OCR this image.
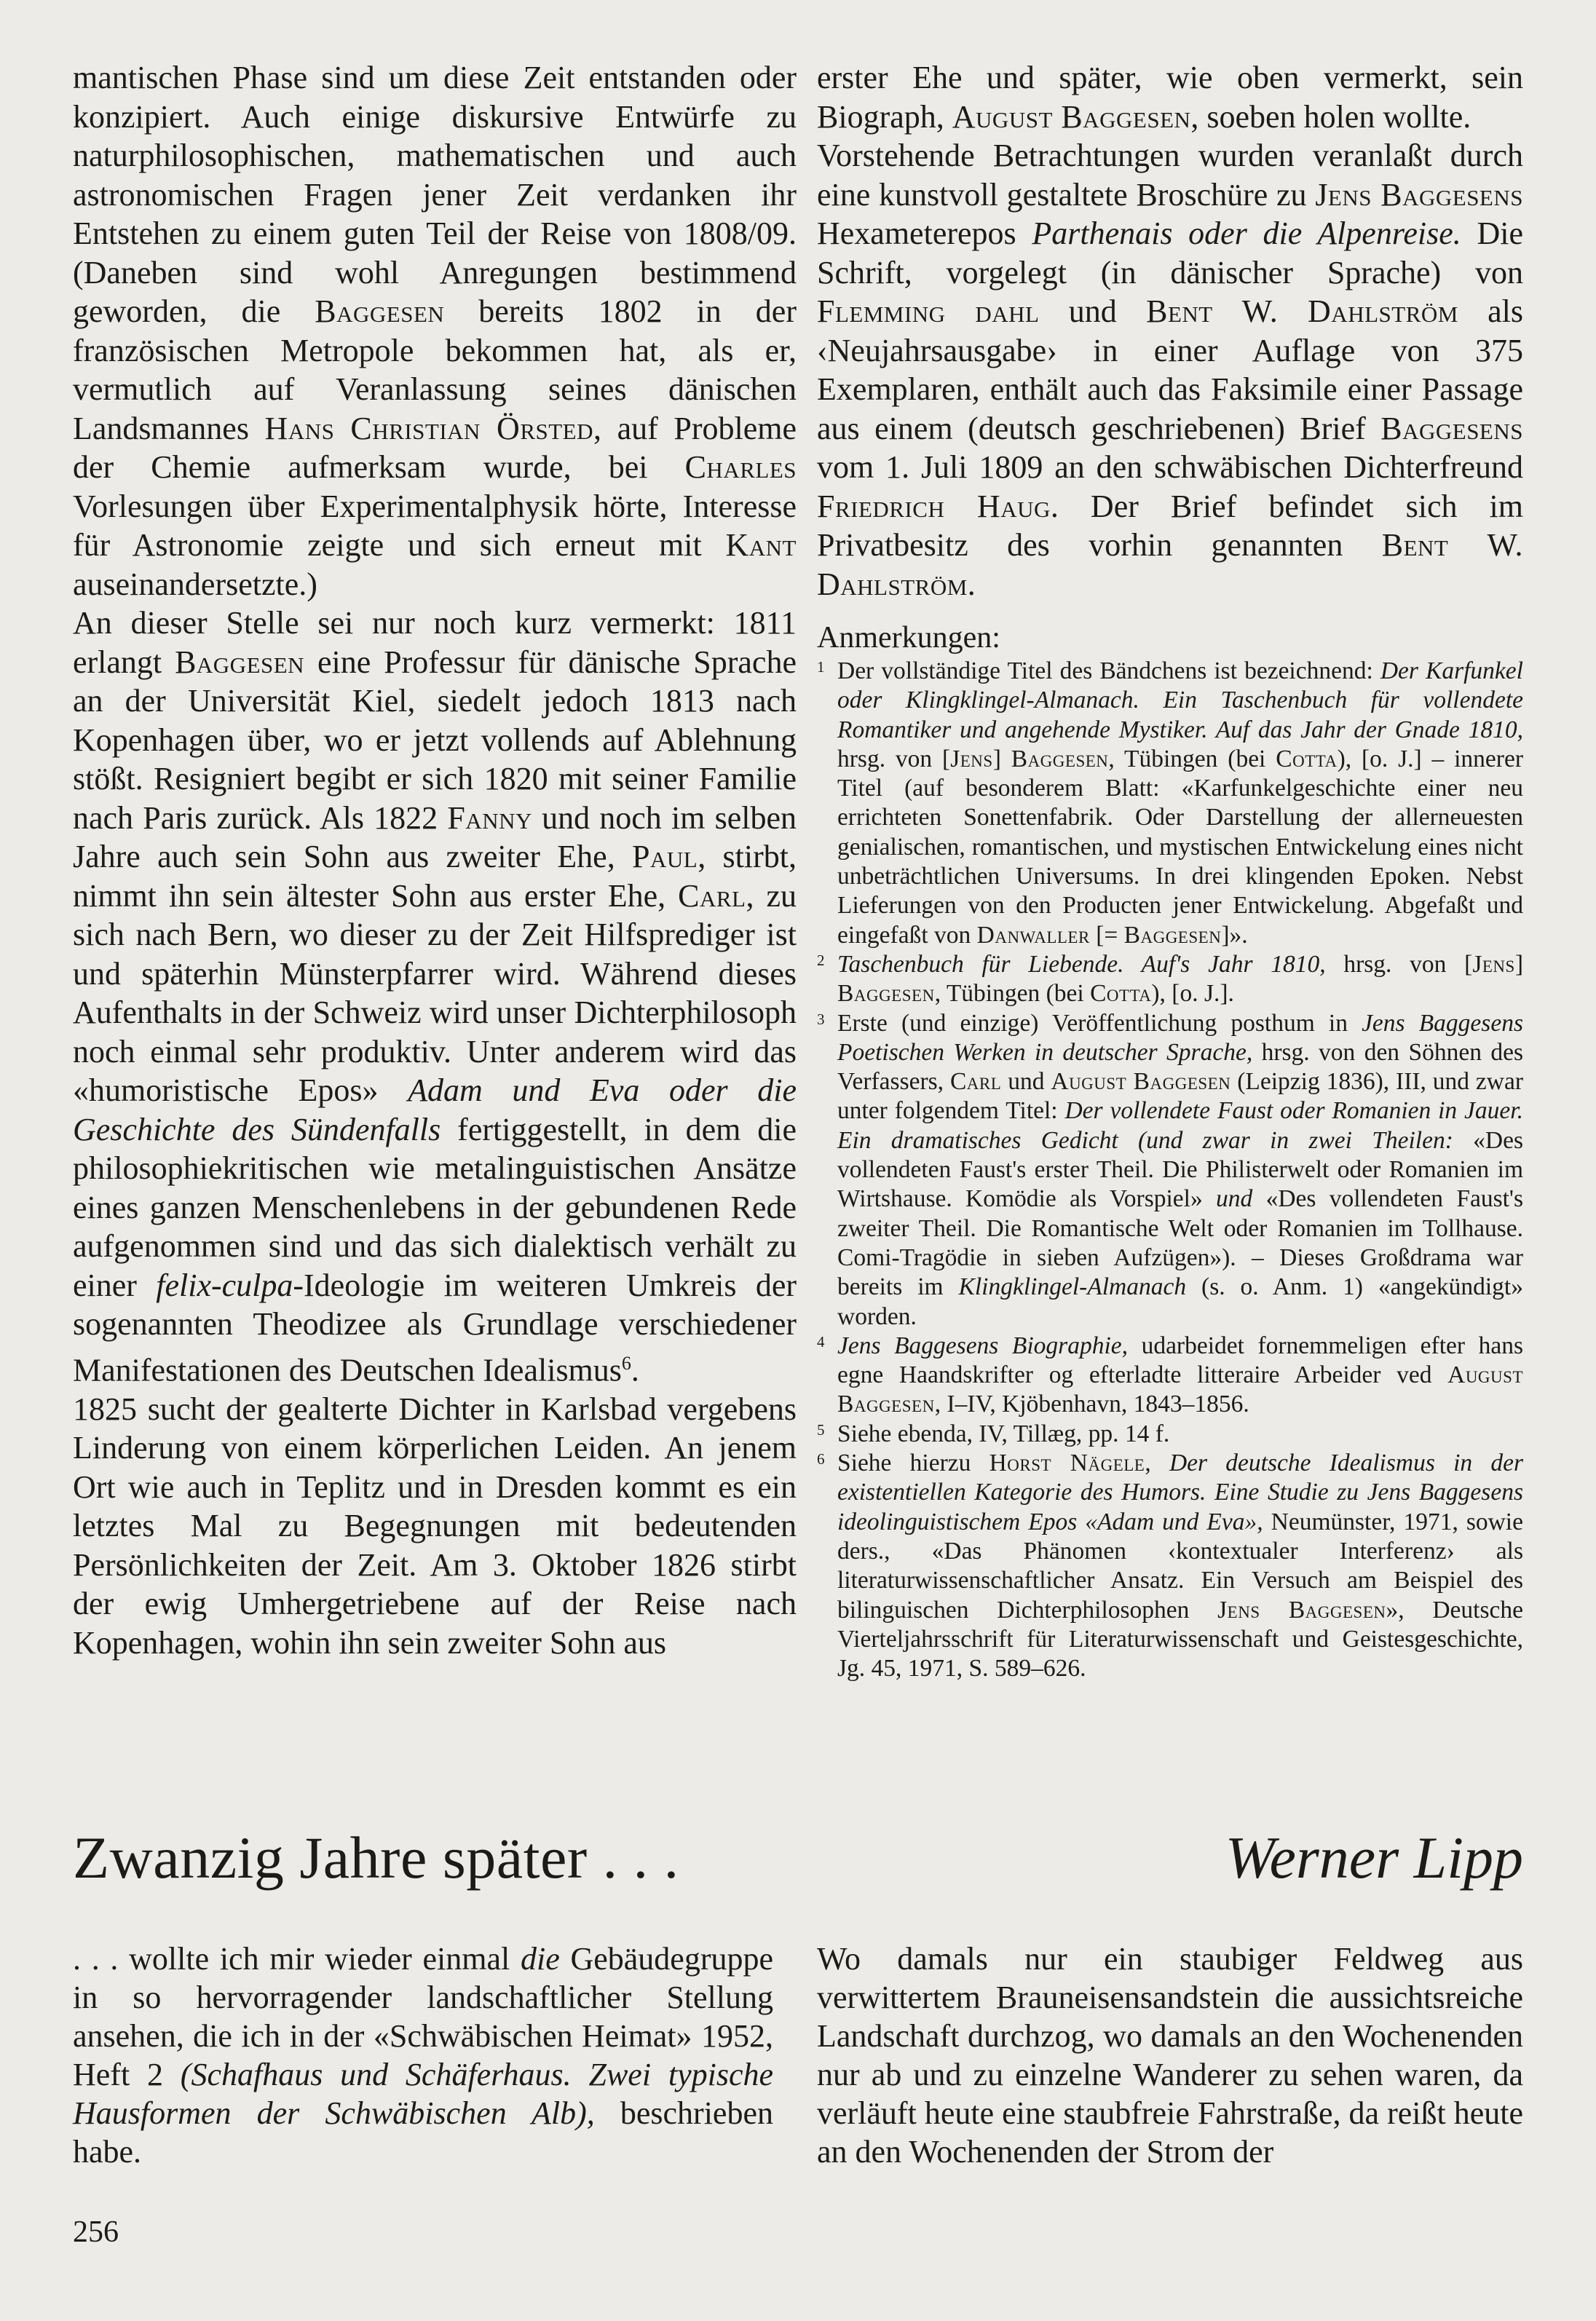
mantischen Phase sind um diese Zeit entstanden oder konzipiert. Auch einige diskursive Entwürfe zu naturphilosophischen, mathematischen und auch astronomischen Fragen jener Zeit verdanken ihr Entstehen zu einem guten Teil der Reise von 1808/09. (Daneben sind wohl Anregungen bestimmend geworden, die Baggesen bereits 1802 in der französischen Metropole bekommen hat, als er, vermutlich auf Veranlassung seines dänischen Landsmannes Hans Christian Örsted, auf Probleme der Chemie aufmerksam wurde, bei Charles Vorlesungen über Experimentalphysik hörte, Interesse für Astronomie zeigte und sich erneut mit Kant auseinandersetzte.)

An dieser Stelle sei nur noch kurz vermerkt: 1811 erlangt Baggesen eine Professur für dänische Sprache an der Universität Kiel, siedelt jedoch 1813 nach Kopenhagen über, wo er jetzt vollends auf Ablehnung stößt. Resigniert begibt er sich 1820 mit seiner Familie nach Paris zurück. Als 1822 Fanny und noch im selben Jahre auch sein Sohn aus zweiter Ehe, Paul, stirbt, nimmt ihn sein ältester Sohn aus erster Ehe, Carl, zu sich nach Bern, wo dieser zu der Zeit Hilfsprediger ist und späterhin Münsterpfarrer wird. Während dieses Aufenthalts in der Schweiz wird unser Dichterphilosoph noch einmal sehr produktiv. Unter anderem wird das «humoristische Epos» Adam und Eva oder die Geschichte des Sündenfalls fertiggestellt, in dem die philosophiekritischen wie metalinguistischen Ansätze eines ganzen Menschenlebens in der gebundenen Rede aufgenommen sind und das sich dialektisch verhält zu einer felix-culpa-Ideologie im weiteren Umkreis der sogenannten Theodizee als Grundlage verschiedener Manifestationen des Deutschen Idealismus$^6$.

1825 sucht der gealterte Dichter in Karlsbad vergebens Linderung von einem körperlichen Leiden. An jenem Ort wie auch in Teplitz und in Dresden kommt es ein letztes Mal zu Begegnungen mit bedeutenden Persönlichkeiten der Zeit. Am 3. Oktober 1826 stirbt der ewig Umhergetriebene auf der Reise nach Kopenhagen, wohin ihn sein zweiter Sohn aus

erster Ehe und später, wie oben vermerkt, sein Biograph, August Baggesen, soeben holen wollte.

Vorstehende Betrachtungen wurden veranlaßt durch eine kunstvoll gestaltete Broschüre zu Jens Baggesens Hexameterepos Parthenais oder die Alpenreise. Die Schrift, vorgelegt (in dänischer Sprache) von Flemming dahl und Bent W. Dahlström als ‹Neujahrsausgabe› in einer Auflage von 375 Exemplaren, enthält auch das Faksimile einer Passage aus einem (deutsch geschriebenen) Brief Baggesens vom 1. Juli 1809 an den schwäbischen Dichterfreund Friedrich Haug. Der Brief befindet sich im Privatbesitz des vorhin genannten Bent W. Dahlström.

Anmerkungen:

1 Der vollständige Titel des Bändchens ist bezeichnend: Der Karfunkel oder Klingklingel-Almanach. Ein Taschenbuch für vollendete Romantiker und angehende Mystiker. Auf das Jahr der Gnade 1810, hrsg. von [Jens] Baggesen, Tübingen (bei Cotta), [o. J.] – innerer Titel (auf besonderem Blatt: «Karfunkelgeschichte einer neu errichteten Sonettenfabrik. Oder Darstellung der allerneuesten genialischen, romantischen, und mystischen Entwickelung eines nicht unbeträchtlichen Universums. In drei klingenden Epoken. Nebst Lieferungen von den Producten jener Entwickelung. Abgefaßt und eingefaßt von Danwaller [= Baggesen]».
2 Taschenbuch für Liebende. Auf's Jahr 1810, hrsg. von [Jens] Baggesen, Tübingen (bei Cotta), [o. J.].
3 Erste (und einzige) Veröffentlichung posthum in Jens Baggesens Poetischen Werken in deutscher Sprache, hrsg. von den Söhnen des Verfassers, Carl und August Baggesen (Leipzig 1836), III, und zwar unter folgendem Titel: Der vollendete Faust oder Romanien in Jauer. Ein dramatisches Gedicht (und zwar in zwei Theilen: «Des vollendeten Faust's erster Theil. Die Philisterwelt oder Romanien im Wirtshause. Komödie als Vorspiel» und «Des vollendeten Faust's zweiter Theil. Die Romantische Welt oder Romanien im Tollhause. Comi-Tragödie in sieben Aufzügen»). – Dieses Großdrama war bereits im Klingklingel-Almanach (s. o. Anm. 1) «angekündigt» worden.
4 Jens Baggesens Biographie, udarbeidet fornemmeligen efter hans egne Haandskrifter og efterladte litteraire Arbeider ved August Baggesen, I–IV, Kjöbenhavn, 1843–1856.
5 Siehe ebenda, IV, Tillæg, pp. 14 f.
6 Siehe hierzu Horst Nägele, Der deutsche Idealismus in der existentiellen Kategorie des Humors. Eine Studie zu Jens Baggesens ideolinguistischem Epos «Adam und Eva», Neumünster, 1971, sowie ders., «Das Phänomen ‹kontextualer Interferenz› als literaturwissenschaftlicher Ansatz. Ein Versuch am Beispiel des bilinguischen Dichterphilosophen Jens Baggesen», Deutsche Vierteljahrsschrift für Literaturwissenschaft und Geistesgeschichte, Jg. 45, 1971, S. 589–626.
Zwanzig Jahre später . . .	Werner Lipp

. . . wollte ich mir wieder einmal die Gebäudegruppe in so hervorragender landschaftlicher Stellung ansehen, die ich in der «Schwäbischen Heimat» 1952, Heft 2 (Schafhaus und Schäferhaus. Zwei typische Hausformen der Schwäbischen Alb), beschrieben habe.

Wo damals nur ein staubiger Feldweg aus verwittertem Brauneisensandstein die aussichtsreiche Landschaft durchzog, wo damals an den Wochenenden nur ab und zu einzelne Wanderer zu sehen waren, da verläuft heute eine staubfreie Fahrstraße, da reißt heute an den Wochenenden der Strom der

256
